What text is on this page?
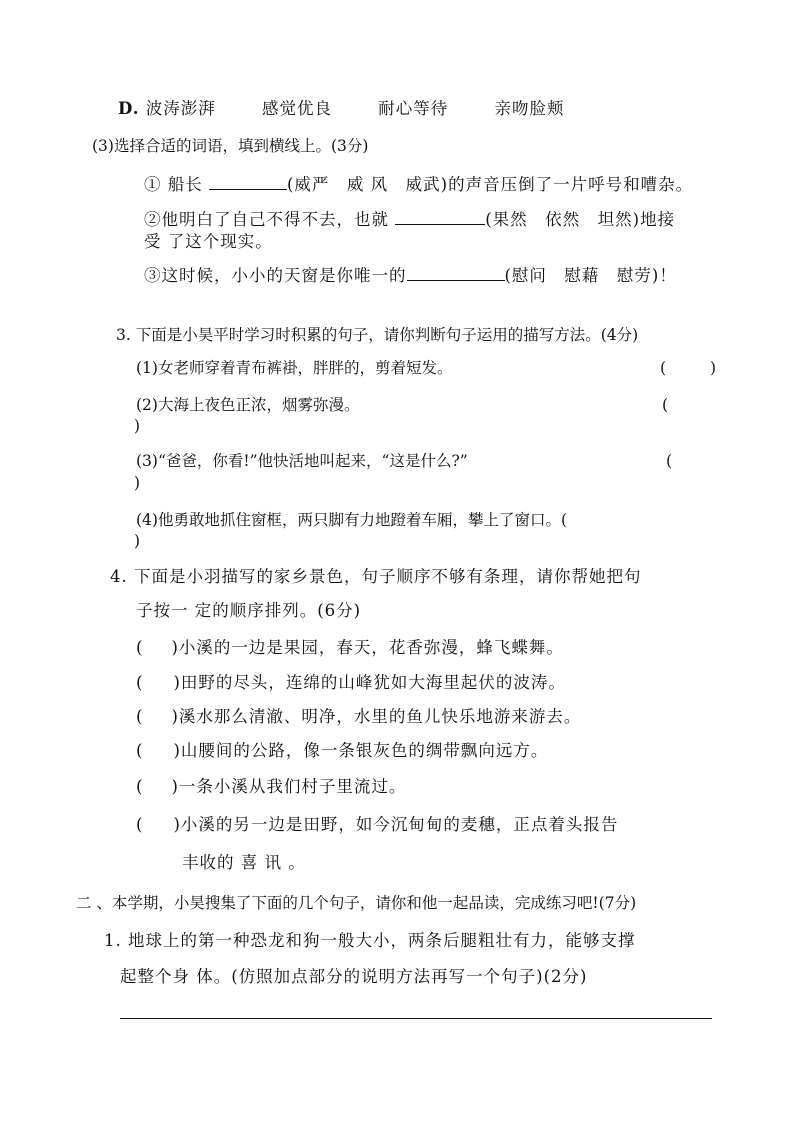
D. 波涛澎湃	感觉优良	耐心等待	亲吻脸颊
(3)选择合适的词语，填到横线上。(3分)
① 船长	(威严　威 风　威武)的声音压倒了一片呼号和嘈杂。
②他明白了自己不得不去，也就	(果然　依然　坦然)地接
受 了这个现实。
③这时候，小小的天窗是你唯一的	(慰问　慰藉　慰劳)！
3. 下面是小昊平时学习时积累的句子，请你判断句子运用的描写方法。(4分)
(1)女老师穿着青布裤褂，胖胖的，剪着短发。	(	)
(2)大海上夜色正浓，烟雾弥漫。	(
)
(3)“爸爸，你看!”他快活地叫起来，“这是什么?”	(
)
(4)他勇敢地抓住窗框，两只脚有力地蹬着车厢，攀上了窗口。(
)
4. 下面是小羽描写的家乡景色，句子顺序不够有条理，请你帮她把句
子按一 定的顺序排列。(6分)
( )小溪的一边是果园，春天，花香弥漫，蜂飞蝶舞。
( )田野的尽头，连绵的山峰犹如大海里起伏的波涛。
( )溪水那么清澈、明净，水里的鱼儿快乐地游来游去。
( )山腰间的公路，像一条银灰色的绸带飘向远方。
( )一条小溪从我们村子里流过。
( )小溪的另一边是田野，如今沉甸甸的麦穗，正点着头报告
丰收的 喜 讯 。
二 、本学期，小昊搜集了下面的几个句子，请你和他一起品读，完成练习吧!(7分)
1. 地球上的第一种恐龙和狗一般大小，两条后腿粗壮有力，能够支撑
起整个身 体。(仿照加点部分的说明方法再写一个句子)(2分)
